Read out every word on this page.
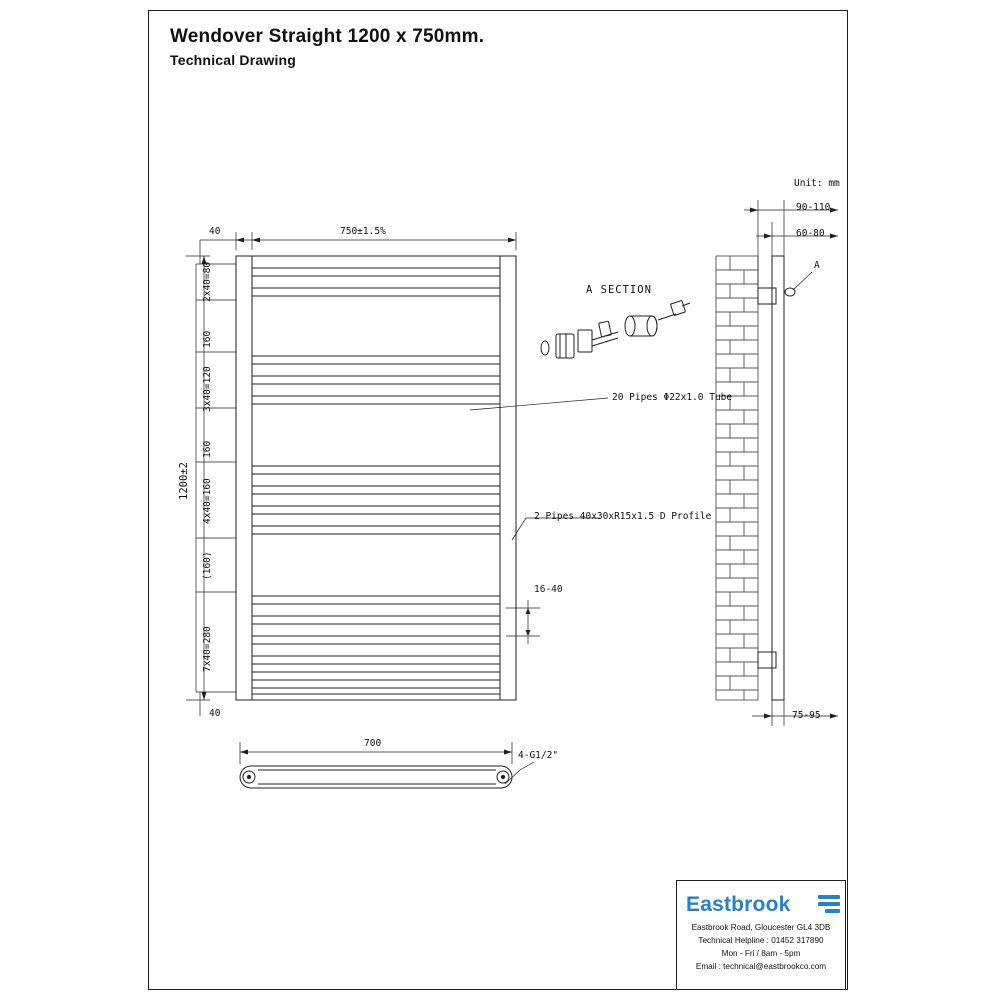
Wendover Straight 1200 x 750mm.
Technical Drawing
40	750±1.5%
40
1200±2
2x40=80
160
3x40=120
160
4x40=160
(160)
7x40=280
16-40
A SECTION
20 Pipes Φ22x1.0 Tube
2 Pipes 40x30xR15x1.5 D Profile
Unit: mm
90-110
60-80
A
75-95
700
4-G1/2"
Eastbrook
Eastbrook Road, Gloucester GL4 3DB
Technical Helpline : 01452 317890
Mon - Fri / 8am - 5pm
Email : technical@eastbrookco.com
